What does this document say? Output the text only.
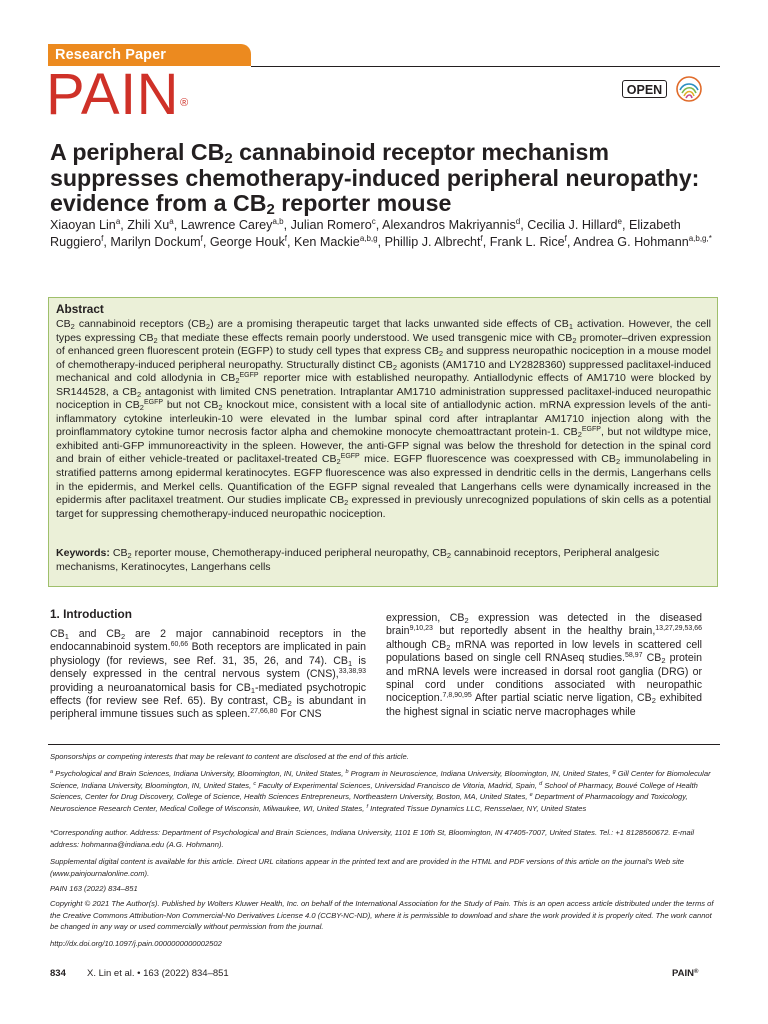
Research Paper
PAIN®
OPEN
A peripheral $CB_2$ cannabinoid receptor mechanism suppresses chemotherapy-induced peripheral neuropathy: evidence from a $CB_2$ reporter mouse

Xiaoyan Lin$^a$, Zhili Xu$^a$, Lawrence Carey$^{a,b}$, Julian Romero$^c$, Alexandros Makriyannis$^d$, Cecilia J. Hillard$^e$, Elizabeth Ruggiero$^f$, Marilyn Dockum$^f$, George Houk$^f$, Ken Mackie$^{a,b,g}$, Phillip J. Albrecht$^f$, Frank L. Rice$^f$, Andrea G. Hohmann$^{a,b,g,*}$

Abstract

$CB_2$ cannabinoid receptors $(CB_2)$ are a promising therapeutic target that lacks unwanted side effects of $CB_1$ activation. However, the cell types expressing $CB_2$ that mediate these effects remain poorly understood. We used transgenic mice with $CB_2$ promoter–driven expression of enhanced green fluorescent protein (EGFP) to study cell types that express $CB_2$ and suppress neuropathic nociception in a mouse model of chemotherapy-induced peripheral neuropathy. Structurally distinct $CB_2$ agonists (AM1710 and LY2828360) suppressed paclitaxel-induced mechanical and cold allodynia in $CB_2^{EGFP}$ reporter mice with established neuropathy. Antiallodynic effects of AM1710 were blocked by SR144528, a $CB_2$ antagonist with limited CNS penetration. Intraplantar AM1710 administration suppressed paclitaxel-induced neuropathic nociception in $CB_2^{EGFP}$ but not $CB_2$ knockout mice, consistent with a local site of antiallodynic action. mRNA expression levels of the anti-inflammatory cytokine interleukin-10 were elevated in the lumbar spinal cord after intraplantar AM1710 injection along with the proinflammatory cytokine tumor necrosis factor alpha and chemokine monocyte chemoattractant protein-1. $CB_2^{EGFP}$, but not wildtype mice, exhibited anti-GFP immunoreactivity in the spleen. However, the anti-GFP signal was below the threshold for detection in the spinal cord and brain of either vehicle-treated or paclitaxel-treated $CB_2^{EGFP}$ mice. EGFP fluorescence was coexpressed with $CB_2$ immunolabeling in stratified patterns among epidermal keratinocytes. EGFP fluorescence was also expressed in dendritic cells in the dermis, Langerhans cells in the epidermis, and Merkel cells. Quantification of the EGFP signal revealed that Langerhans cells were dynamically increased in the epidermis after paclitaxel treatment. Our studies implicate $CB_2$ expressed in previously unrecognized populations of skin cells as a potential target for suppressing chemotherapy-induced neuropathic nociception.

Keywords: $CB_2$ reporter mouse, Chemotherapy-induced peripheral neuropathy, $CB_2$ cannabinoid receptors, Peripheral analgesic mechanisms, Keratinocytes, Langerhans cells

1. Introduction

$CB_1$ and $CB_2$ are 2 major cannabinoid receptors in the endocannabinoid system.$^{60,66}$ Both receptors are implicated in pain physiology (for reviews, see Ref. 31, 35, 26, and 74). $CB_1$ is densely expressed in the central nervous system (CNS),$^{33,38,93}$ providing a neuroanatomical basis for $CB_1$-mediated psychotropic effects (for review see Ref. 65). By contrast, $CB_2$ is abundant in peripheral immune tissues such as spleen.$^{27,66,80}$ For CNS

expression, $CB_2$ expression was detected in the diseased brain$^{9,10,23}$ but reportedly absent in the healthy brain,$^{13,27,29,53,66}$ although $CB_2$ mRNA was reported in low levels in scattered cell populations based on single cell RNAseq studies.$^{58,97}$ $CB_2$ protein and mRNA levels were increased in dorsal root ganglia (DRG) or spinal cord under conditions associated with neuropathic nociception.$^{7,8,90,95}$ After partial sciatic nerve ligation, $CB_2$ exhibited the highest signal in sciatic nerve macrophages while

Sponsorships or competing interests that may be relevant to content are disclosed at the end of this article.

$^a$ Psychological and Brain Sciences, Indiana University, Bloomington, IN, United States, $^b$ Program in Neuroscience, Indiana University, Bloomington, IN, United States, $^g$ Gill Center for Biomolecular Science, Indiana University, Bloomington, IN, United States, $^c$ Faculty of Experimental Sciences, Universidad Francisco de Vitoria, Madrid, Spain, $^d$ School of Pharmacy, Bouvé College of Health Sciences, Center for Drug Discovery, College of Science, Health Sciences Entrepreneurs, Northeastern University, Boston, MA, United States, $^e$ Department of Pharmacology and Toxicology, Neuroscience Research Center, Medical College of Wisconsin, Milwaukee, WI, United States, $^f$ Integrated Tissue Dynamics LLC, Rensselaer, NY, United States

*Corresponding author. Address: Department of Psychological and Brain Sciences, Indiana University, 1101 E 10th St, Bloomington, IN 47405-7007, United States. Tel.: +1 8128560672. E-mail address: hohmanna@indiana.edu (A.G. Hohmann).

Supplemental digital content is available for this article. Direct URL citations appear in the printed text and are provided in the HTML and PDF versions of this article on the journal's Web site (www.painjournalonline.com).

PAIN 163 (2022) 834–851

Copyright © 2021 The Author(s). Published by Wolters Kluwer Health, Inc. on behalf of the International Association for the Study of Pain. This is an open access article distributed under the terms of the Creative Commons Attribution-Non Commercial-No Derivatives License 4.0 (CCBY-NC-ND), where it is permissible to download and share the work provided it is properly cited. The work cannot be changed in any way or used commercially without permission from the journal.

http://dx.doi.org/10.1097/j.pain.0000000000002502

834 X. Lin et al. • 163 (2022) 834–851	PAIN®
